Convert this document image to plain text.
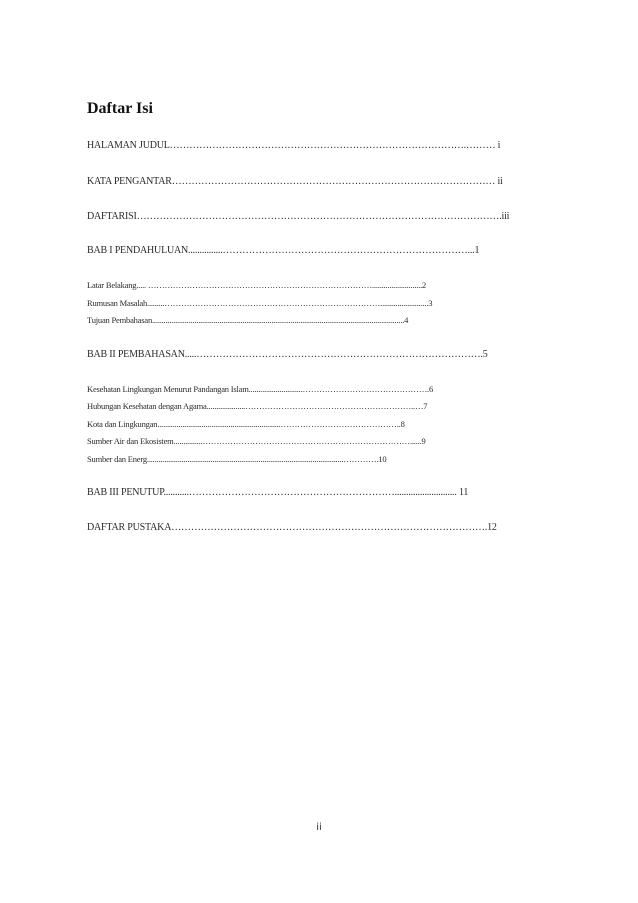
Daftar Isi
HALAMAN JUDUL……………………………………………………………………………….……… i
KATA PENGANTAR……………………………………………………………………………………… ii
DAFTARISI………………………………………………………………………………………………….iii
BAB I PENDAHULUAN...............…………………………………………………………………...1
Latar Belakang..... ………………………………………………………………………..........................2
Rumusan Masalah.........…………………………………………………………………….........................3
Tujuan Pembahasan...................................................................................................................................4
BAB II PEMBAHASAN.....…………………………………………………………………………….5
Kesehatan Lingkungan Menurut Pandangan Islam............................……………………………………….6
Hubungan Kesehatan dengan Agama....................……………………………………………………..…7
Kota dan Lingkungan................................................................……………………………………..8
Sumber Air dan Ekosistem...............…………………………………………………………………......9
Sumber dan Energ......................................................................................................………….10
BAB III PENUTUP...........………………………………………………………........................... 11
DAFTAR PUSTAKA…………………………………………………………………………………….12
ii
